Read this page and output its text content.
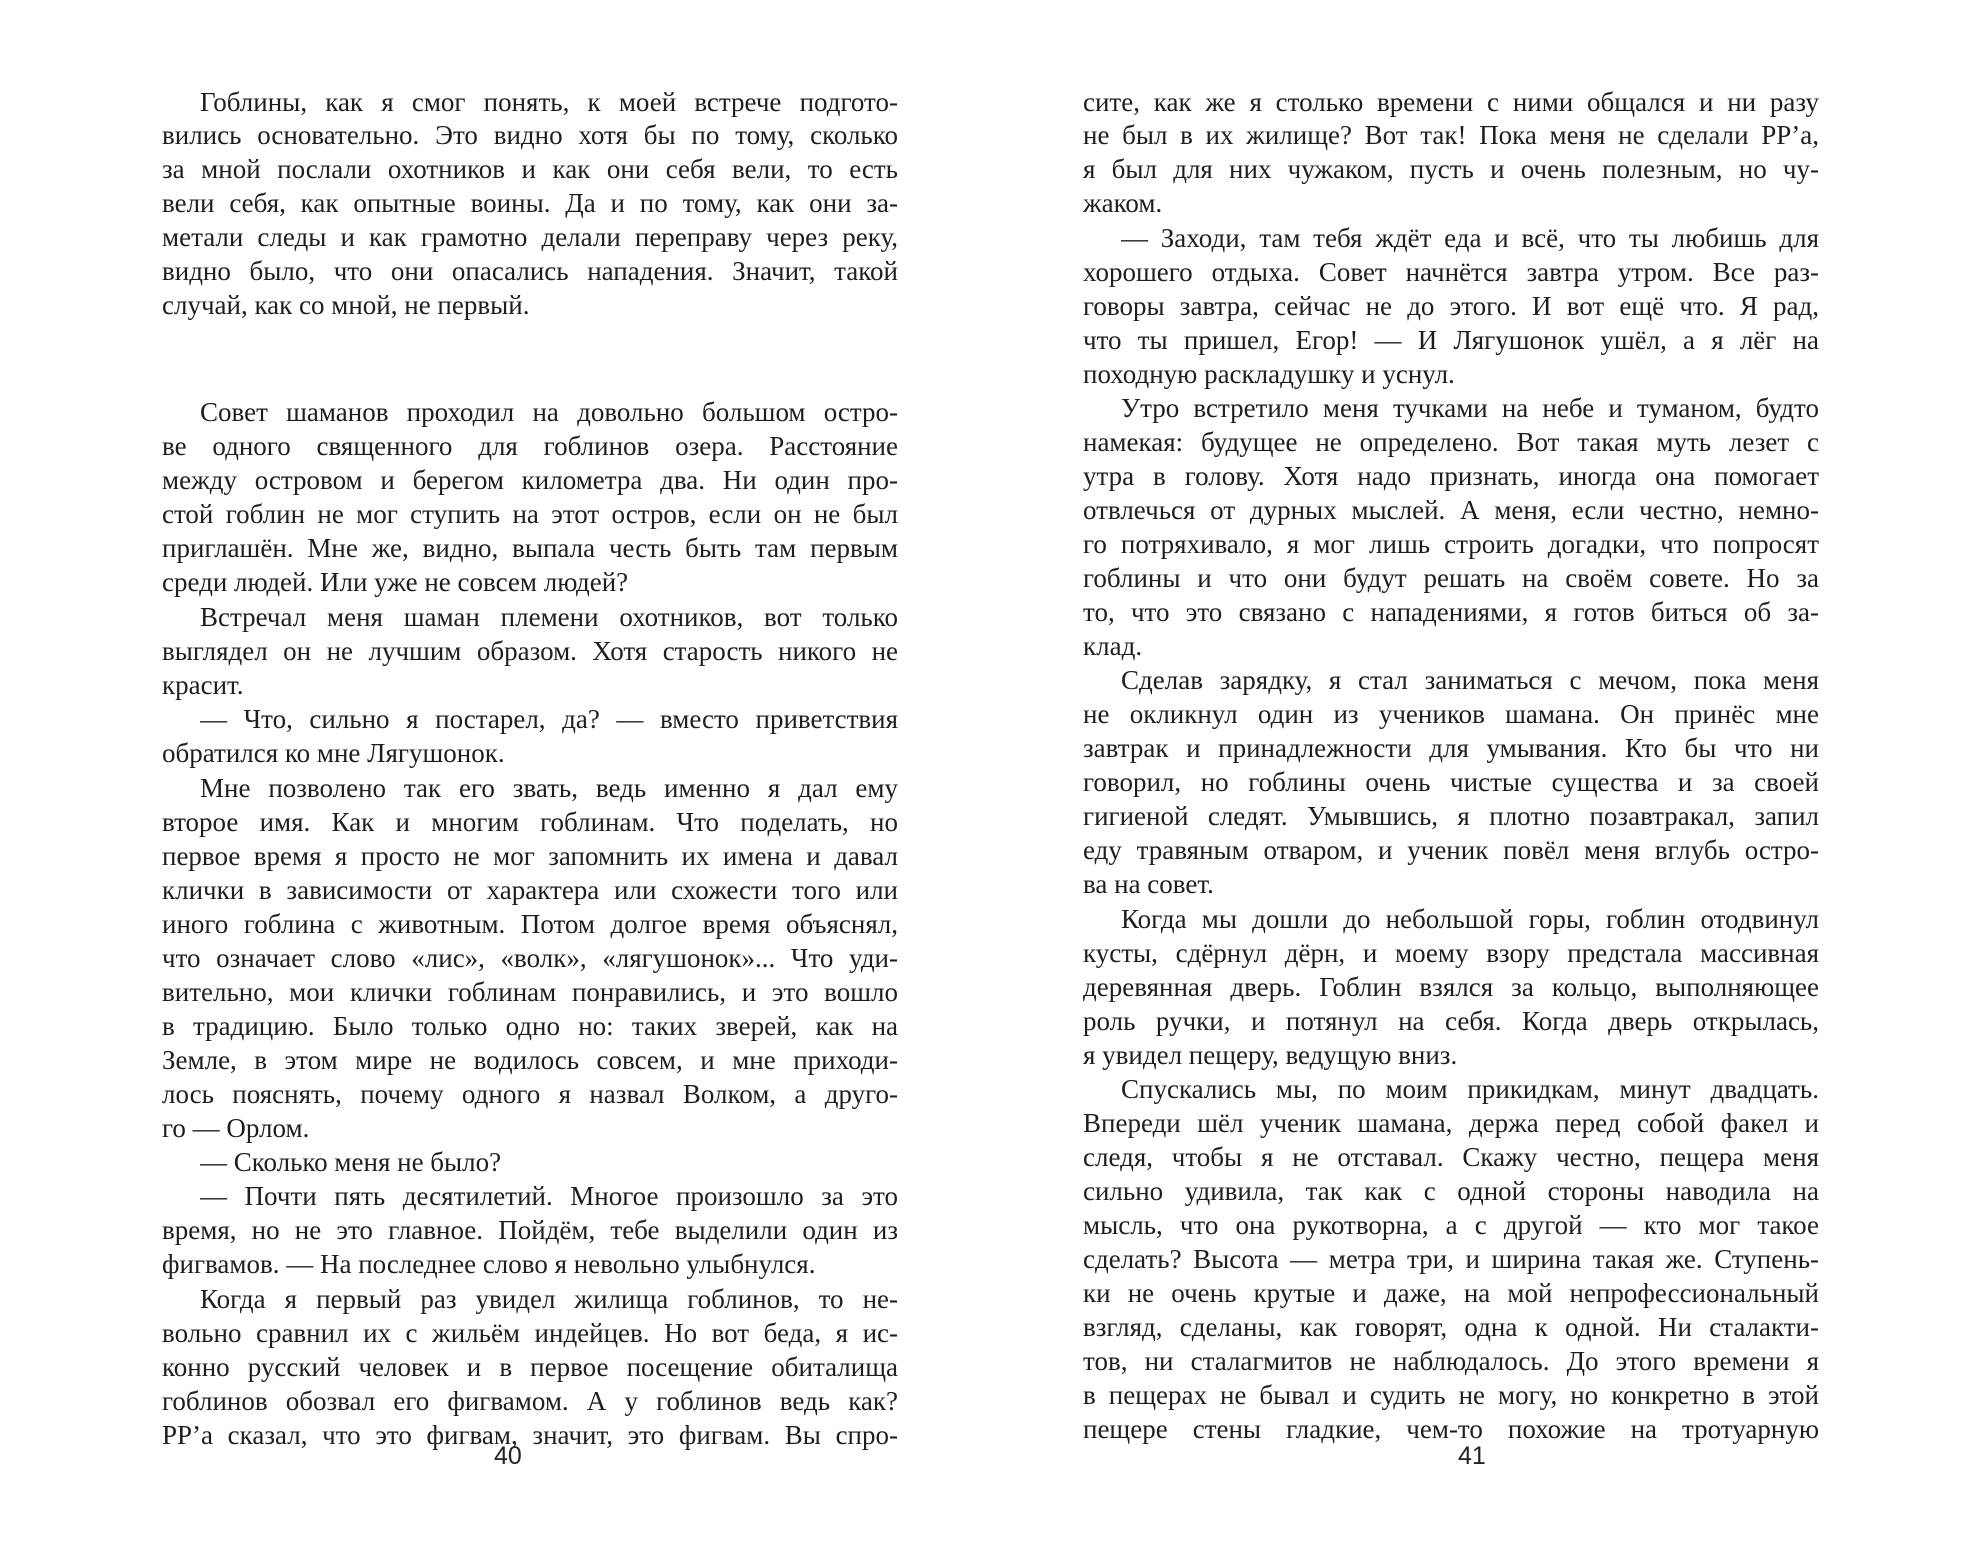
Гоблины, как я смог понять, к моей встрече подгото-
вились основательно. Это видно хотя бы по тому, сколько
за мной послали охотников и как они себя вели, то есть
вели себя, как опытные воины. Да и по тому, как они за-
метали следы и как грамотно делали переправу через реку,
видно было, что они опасались нападения. Значит, такой
случай, как со мной, не первый.
Совет шаманов проходил на довольно большом остро-
ве одного священного для гоблинов озера. Расстояние
между островом и берегом километра два. Ни один про-
стой гоблин не мог ступить на этот остров, если он не был
приглашён. Мне же, видно, выпала честь быть там первым
среди людей. Или уже не совсем людей?
Встречал меня шаман племени охотников, вот только
выглядел он не лучшим образом. Хотя старость никого не
красит.
— Что, сильно я постарел, да? — вместо приветствия
обратился ко мне Лягушонок.
Мне позволено так его звать, ведь именно я дал ему
второе имя. Как и многим гоблинам. Что поделать, но
первое время я просто не мог запомнить их имена и давал
клички в зависимости от характера или схожести того или
иного гоблина с животным. Потом долгое время объяснял,
что означает слово «лис», «волк», «лягушонок»... Что уди-
вительно, мои клички гоблинам понравились, и это вошло
в традицию. Было только одно но: таких зверей, как на
Земле, в этом мире не водилось совсем, и мне приходи-
лось пояснять, почему одного я назвал Волком, а друго-
го — Орлом.
— Сколько меня не было?
— Почти пять десятилетий. Многое произошло за это
время, но не это главное. Пойдём, тебе выделили один из
фигвамов. — На последнее слово я невольно улыбнулся.
Когда я первый раз увидел жилища гоблинов, то не-
вольно сравнил их с жильём индейцев. Но вот беда, я ис-
конно русский человек и в первое посещение обиталища
гоблинов обозвал его фигвамом. А у гоблинов ведь как?
РР’а сказал, что это фигвам, значит, это фигвам. Вы спро-
сите, как же я столько времени с ними общался и ни разу
не был в их жилище? Вот так! Пока меня не сделали РР’а,
я был для них чужаком, пусть и очень полезным, но чу-
жаком.
— Заходи, там тебя ждёт еда и всё, что ты любишь для
хорошего отдыха. Совет начнётся завтра утром. Все раз-
говоры завтра, сейчас не до этого. И вот ещё что. Я рад,
что ты пришел, Егор! — И Лягушонок ушёл, а я лёг на
походную раскладушку и уснул.
Утро встретило меня тучками на небе и туманом, будто
намекая: будущее не определено. Вот такая муть лезет с
утра в голову. Хотя надо признать, иногда она помогает
отвлечься от дурных мыслей. А меня, если честно, немно-
го потряхивало, я мог лишь строить догадки, что попросят
гоблины и что они будут решать на своём совете. Но за
то, что это связано с нападениями, я готов биться об за-
клад.
Сделав зарядку, я стал заниматься с мечом, пока меня
не окликнул один из учеников шамана. Он принёс мне
завтрак и принадлежности для умывания. Кто бы что ни
говорил, но гоблины очень чистые существа и за своей
гигиеной следят. Умывшись, я плотно позавтракал, запил
еду травяным отваром, и ученик повёл меня вглубь остро-
ва на совет.
Когда мы дошли до небольшой горы, гоблин отодвинул
кусты, сдёрнул дёрн, и моему взору предстала массивная
деревянная дверь. Гоблин взялся за кольцо, выполняющее
роль ручки, и потянул на себя. Когда дверь открылась,
я увидел пещеру, ведущую вниз.
Спускались мы, по моим прикидкам, минут двадцать.
Впереди шёл ученик шамана, держа перед собой факел и
следя, чтобы я не отставал. Скажу честно, пещера меня
сильно удивила, так как с одной стороны наводила на
мысль, что она рукотворна, а с другой — кто мог такое
сделать? Высота — метра три, и ширина такая же. Ступень-
ки не очень крутые и даже, на мой непрофессиональный
взгляд, сделаны, как говорят, одна к одной. Ни сталакти-
тов, ни сталагмитов не наблюдалось. До этого времени я
в пещерах не бывал и судить не могу, но конкретно в этой
пещере стены гладкие, чем-то похожие на тротуарную
40	41
